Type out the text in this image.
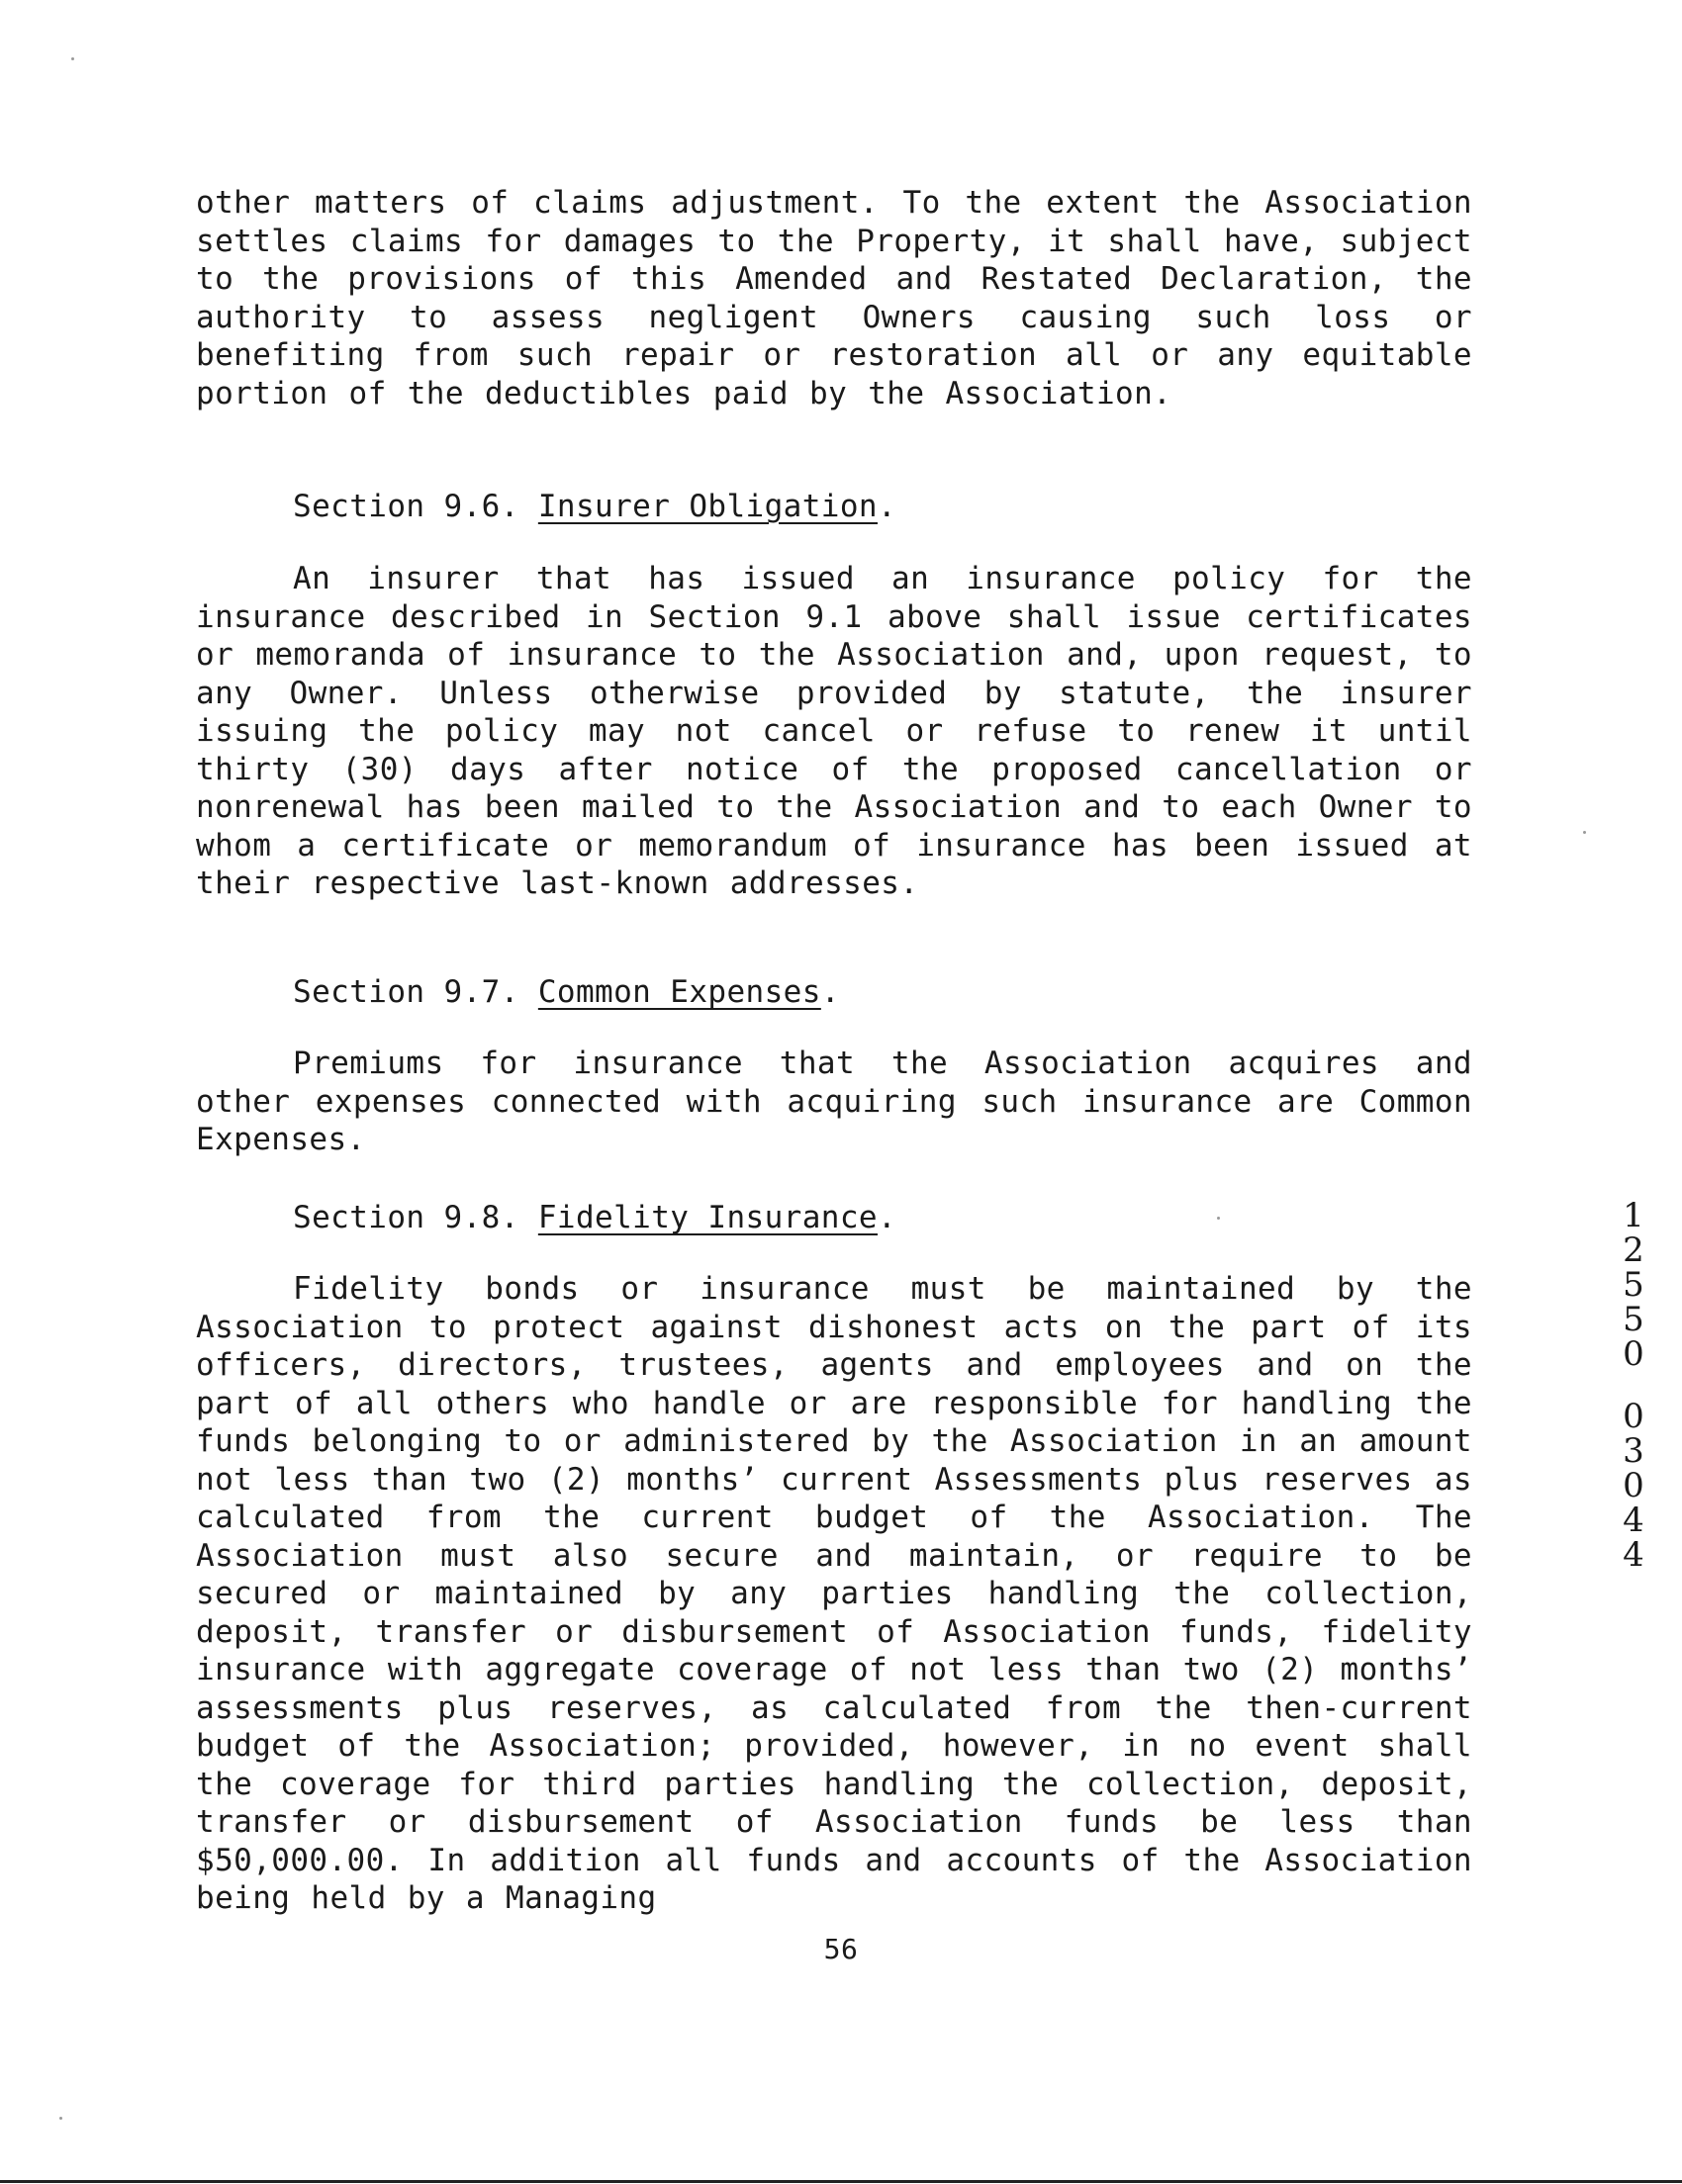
other matters of claims adjustment. To the extent the Association settles claims for damages to the Property, it shall have, subject to the provisions of this Amended and Restated Declaration, the authority to assess negligent Owners causing such loss or benefiting from such repair or restoration all or any equitable portion of the deductibles paid by the Association.
Section 9.6. Insurer Obligation.
An insurer that has issued an insurance policy for the insurance described in Section 9.1 above shall issue certificates or memoranda of insurance to the Association and, upon request, to any Owner. Unless otherwise provided by statute, the insurer issuing the policy may not cancel or refuse to renew it until thirty (30) days after notice of the proposed cancellation or nonrenewal has been mailed to the Association and to each Owner to whom a certificate or memorandum of insurance has been issued at their respective last-known addresses.
Section 9.7. Common Expenses.
Premiums for insurance that the Association acquires and other expenses connected with acquiring such insurance are Common Expenses.
Section 9.8. Fidelity Insurance.
Fidelity bonds or insurance must be maintained by the Association to protect against dishonest acts on the part of its officers, directors, trustees, agents and employees and on the part of all others who handle or are responsible for handling the funds belonging to or administered by the Association in an amount not less than two (2) months’ current Assessments plus reserves as calculated from the current budget of the Association. The Association must also secure and maintain, or require to be secured or maintained by any parties handling the collection, deposit, transfer or disbursement of Association funds, fidelity insurance with aggregate coverage of not less than two (2) months’ assessments plus reserves, as calculated from the then-current budget of the Association; provided, however, in no event shall the coverage for third parties handling the collection, deposit, transfer or disbursement of Association funds be less than $50,000.00. In addition all funds and accounts of the Association being held by a Managing
56
1
2
5
5
0
0
3
0
4
4
